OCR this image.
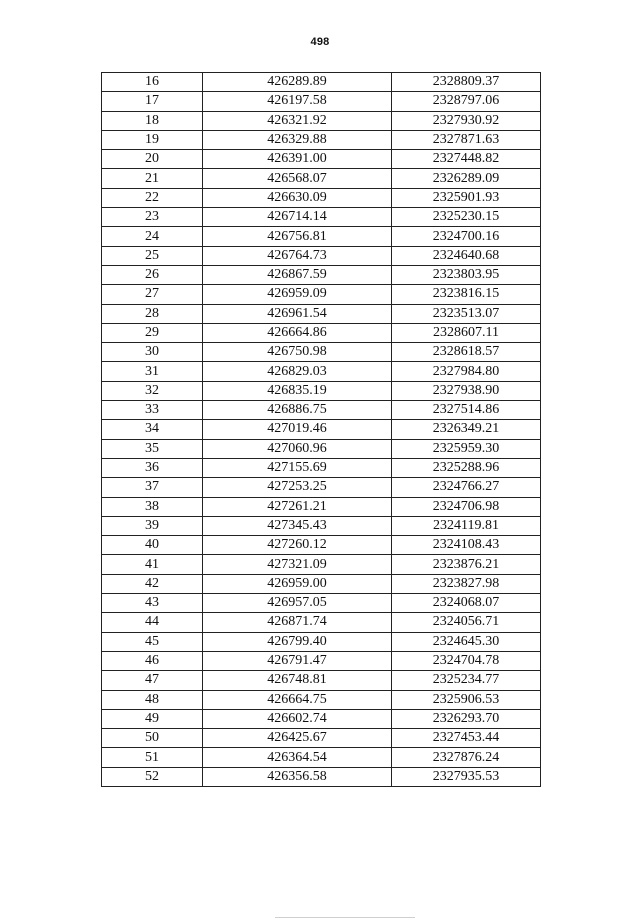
498
16	426289.89	2328809.37
17	426197.58	2328797.06
18	426321.92	2327930.92
19	426329.88	2327871.63
20	426391.00	2327448.82
21	426568.07	2326289.09
22	426630.09	2325901.93
23	426714.14	2325230.15
24	426756.81	2324700.16
25	426764.73	2324640.68
26	426867.59	2323803.95
27	426959.09	2323816.15
28	426961.54	2323513.07
29	426664.86	2328607.11
30	426750.98	2328618.57
31	426829.03	2327984.80
32	426835.19	2327938.90
33	426886.75	2327514.86
34	427019.46	2326349.21
35	427060.96	2325959.30
36	427155.69	2325288.96
37	427253.25	2324766.27
38	427261.21	2324706.98
39	427345.43	2324119.81
40	427260.12	2324108.43
41	427321.09	2323876.21
42	426959.00	2323827.98
43	426957.05	2324068.07
44	426871.74	2324056.71
45	426799.40	2324645.30
46	426791.47	2324704.78
47	426748.81	2325234.77
48	426664.75	2325906.53
49	426602.74	2326293.70
50	426425.67	2327453.44
51	426364.54	2327876.24
52	426356.58	2327935.53
